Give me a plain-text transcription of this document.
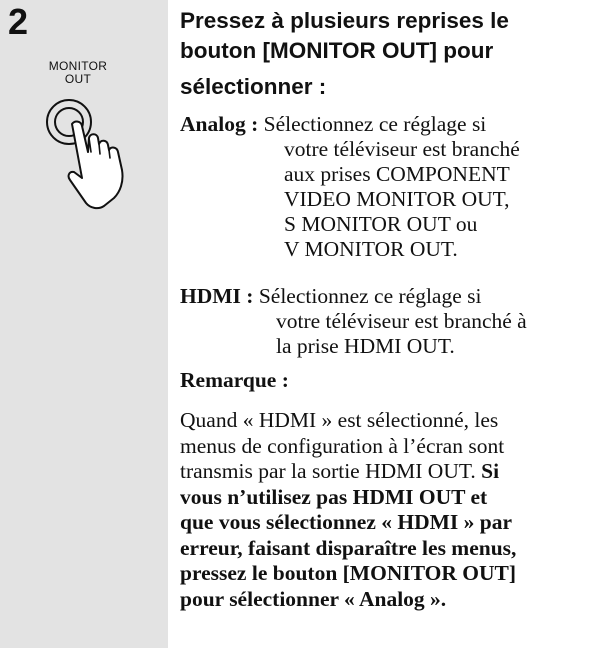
2
MONITOR
OUT
Pressez à plusieurs reprises le
bouton [MONITOR OUT] pour
sélectionner :
Analog : Sélectionnez ce réglage si
votre téléviseur est branché
aux prises COMPONENT
VIDEO MONITOR OUT,
S MONITOR OUT ou
V MONITOR OUT.
HDMI : Sélectionnez ce réglage si
votre téléviseur est branché à
la prise HDMI OUT.
Remarque :
Quand « HDMI » est sélectionné, les
menus de configuration à l’écran sont
transmis par la sortie HDMI OUT. Si
vous n’utilisez pas HDMI OUT et
que vous sélectionnez « HDMI » par
erreur, faisant disparaître les menus,
pressez le bouton [MONITOR OUT]
pour sélectionner « Analog ».
